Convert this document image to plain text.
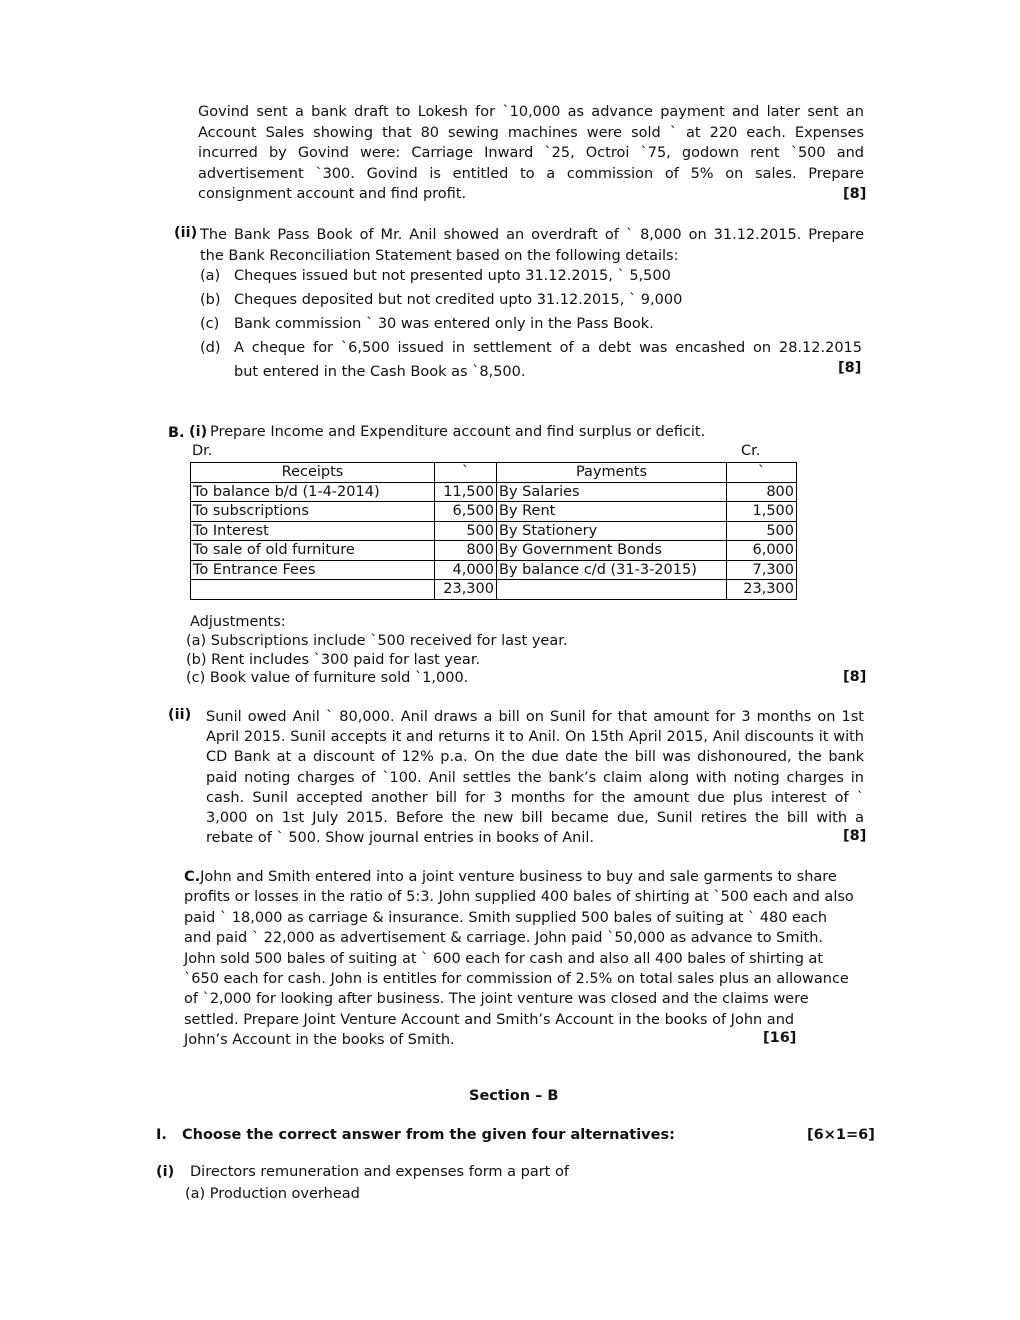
Govind sent a bank draft to Lokesh for `10,000 as advance payment and later sent an
Account Sales showing that 80 sewing machines were sold ` at 220 each. Expenses
incurred by Govind were: Carriage Inward `25, Octroi `75, godown rent `500 and
advertisement `300. Govind is entitled to a commission of 5% on sales. Prepare
consignment account and find profit.	[8]
(ii) The Bank Pass Book of Mr. Anil showed an overdraft of ` 8,000 on 31.12.2015. Prepare
the Bank Reconciliation Statement based on the following details:
(a) Cheques issued but not presented upto 31.12.2015, ` 5,500
(b) Cheques deposited but not credited upto 31.12.2015, ` 9,000
(c)	Bank commission ` 30 was entered only in the Pass Book.
(d) A cheque for `6,500 issued in settlement of a debt was encashed on 28.12.2015
but entered in the Cash Book as `8,500.	[8]
B. (i) Prepare Income and Expenditure account and find surplus or deficit.
Dr.	Cr.
Receipts	`	Payments	`
To balance b/d (1-4-2014)	11,500	By Salaries	800
To subscriptions	6,500	By Rent	1,500
To Interest	500	By Stationery	500
To sale of old furniture	800	By Government Bonds	6,000
To Entrance Fees	4,000	By balance c/d (31-3-2015)	7,300
	23,300		23,300
Adjustments:
(a) Subscriptions include `500 received for last year.
(b) Rent includes `300 paid for last year.
(c) Book value of furniture sold `1,000.	[8]
(ii) Sunil owed Anil ` 80,000. Anil draws a bill on Sunil for that amount for 3 months on 1st
April 2015. Sunil accepts it and returns it to Anil. On 15th April 2015, Anil discounts it with
CD Bank at a discount of 12% p.a. On the due date the bill was dishonoured, the bank
paid noting charges of `100. Anil settles the bank’s claim along with noting charges in
cash. Sunil accepted another bill for 3 months for the amount due plus interest of `
3,000 on 1st July 2015. Before the new bill became due, Sunil retires the bill with a
rebate of ` 500. Show journal entries in books of Anil.	[8]
C.John and Smith entered into a joint venture business to buy and sale garments to share
profits or losses in the ratio of 5:3. John supplied 400 bales of shirting at `500 each and also
paid ` 18,000 as carriage & insurance. Smith supplied 500 bales of suiting at ` 480 each
and paid ` 22,000 as advertisement & carriage. John paid `50,000 as advance to Smith.
John sold 500 bales of suiting at ` 600 each for cash and also all 400 bales of shirting at
`650 each for cash. John is entitles for commission of 2.5% on total sales plus an allowance
of `2,000 for looking after business. The joint venture was closed and the claims were
settled. Prepare Joint Venture Account and Smith’s Account in the books of John and
John’s Account in the books of Smith.	[16]
Section – B
I. Choose the correct answer from the given four alternatives:	[6×1=6]
(i) Directors remuneration and expenses form a part of
(a) Production overhead
